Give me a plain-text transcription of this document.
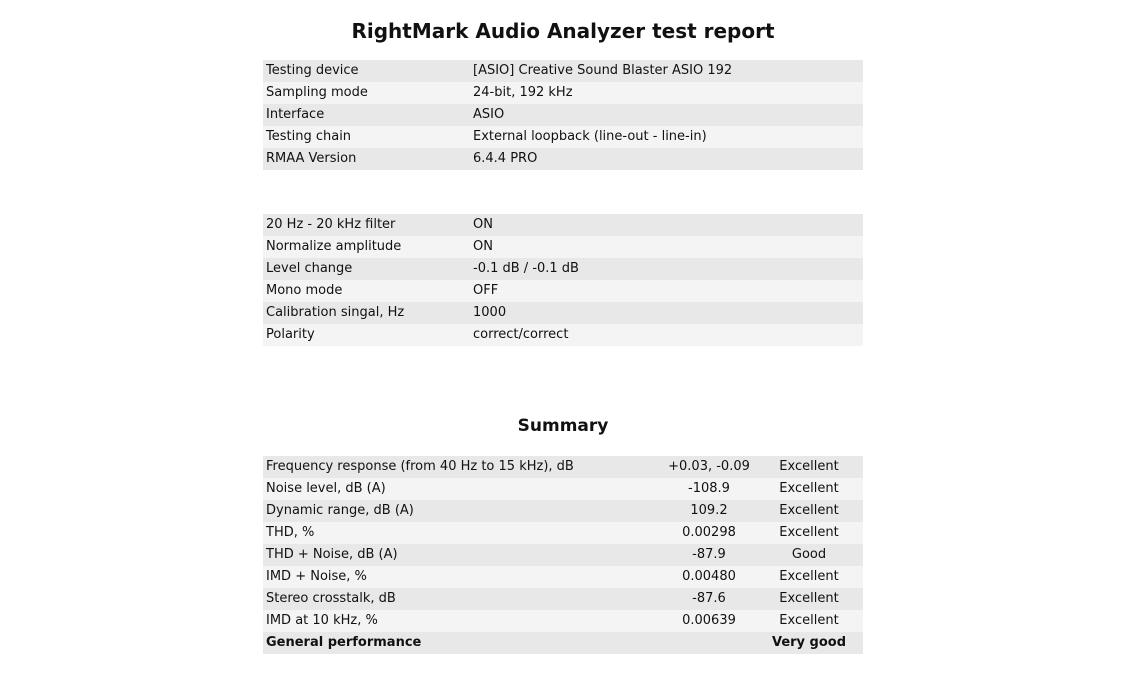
RightMark Audio Analyzer test report
Testing device	[ASIO] Creative Sound Blaster ASIO 192
Sampling mode	24-bit, 192 kHz
Interface	ASIO
Testing chain	External loopback (line-out - line-in)
RMAA Version	6.4.4 PRO
20 Hz - 20 kHz filter	ON
Normalize amplitude	ON
Level change	-0.1 dB / -0.1 dB
Mono mode	OFF
Calibration singal, Hz	1000
Polarity	correct/correct
Summary
Frequency response (from 40 Hz to 15 kHz), dB	+0.03, -0.09	Excellent
Noise level, dB (A)	-108.9	Excellent
Dynamic range, dB (A)	109.2	Excellent
THD, %	0.00298	Excellent
THD + Noise, dB (A)	-87.9	Good
IMD + Noise, %	0.00480	Excellent
Stereo crosstalk, dB	-87.6	Excellent
IMD at 10 kHz, %	0.00639	Excellent
General performance		Very good
